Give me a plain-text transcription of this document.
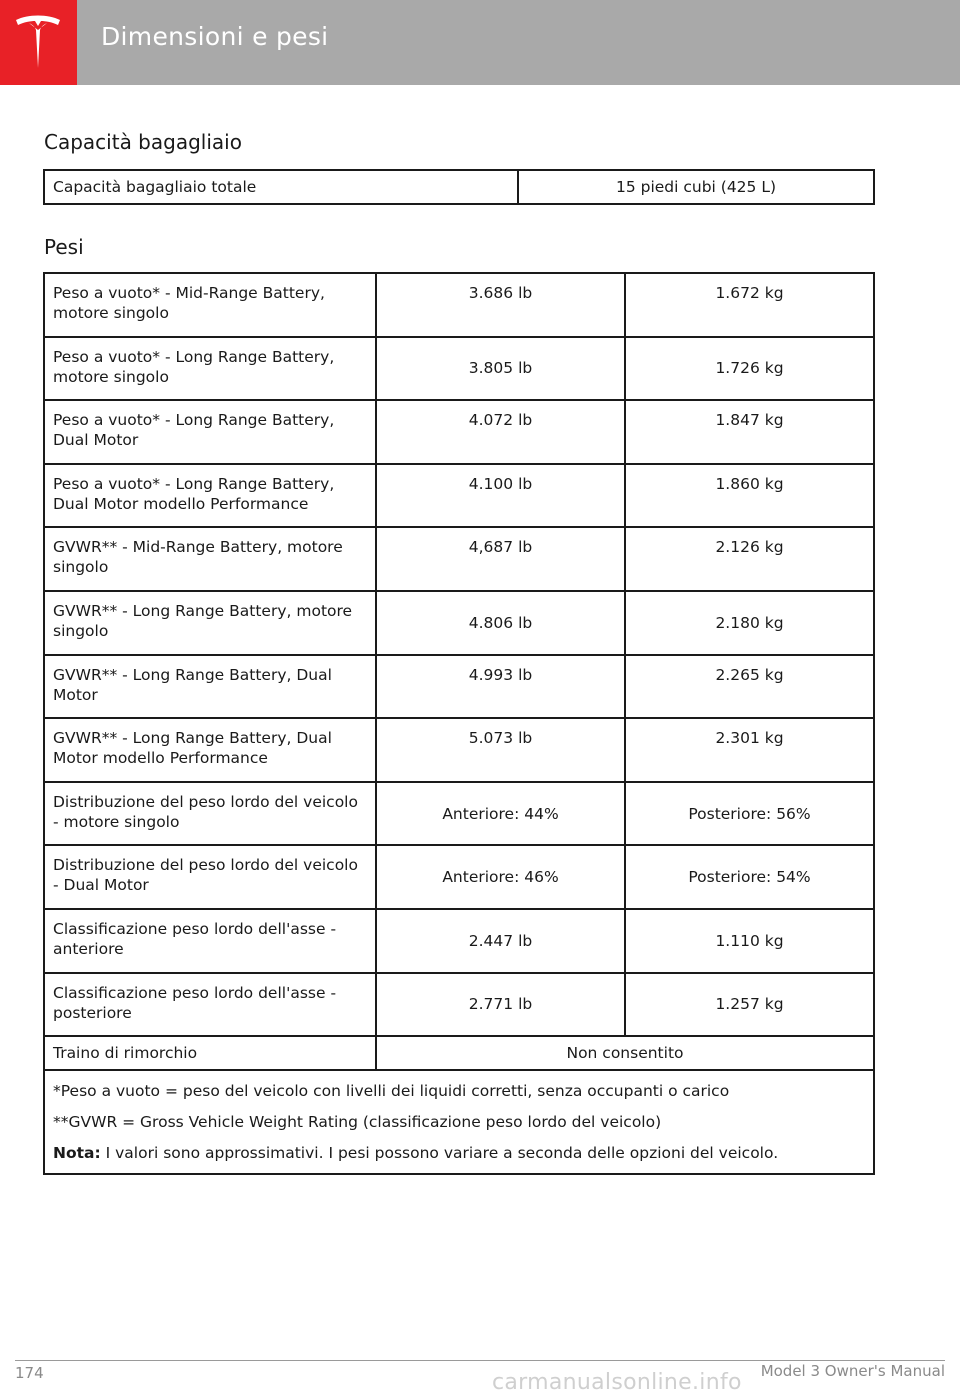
Dimensioni e pesi
Capacità bagagliaio
Capacità bagagliaio totale	15 piedi cubi (425 L)
Pesi
Peso a vuoto* - Mid-Range Battery, motore singolo	3.686 lb	1.672 kg
Peso a vuoto* - Long Range Battery, motore singolo	3.805 lb	1.726 kg
Peso a vuoto* - Long Range Battery, Dual Motor	4.072 lb	1.847 kg
Peso a vuoto* - Long Range Battery, Dual Motor modello Performance	4.100 lb	1.860 kg
GVWR** - Mid-Range Battery, motore singolo	4,687 lb	2.126 kg
GVWR** - Long Range Battery, motore singolo	4.806 lb	2.180 kg
GVWR** - Long Range Battery, Dual Motor	4.993 lb	2.265 kg
GVWR** - Long Range Battery, Dual Motor modello Performance	5.073 lb	2.301 kg
Distribuzione del peso lordo del veicolo - motore singolo	Anteriore: 44%	Posteriore: 56%
Distribuzione del peso lordo del veicolo - Dual Motor	Anteriore: 46%	Posteriore: 54%
Classificazione peso lordo dell'asse - anteriore	2.447 lb	1.110 kg
Classificazione peso lordo dell'asse - posteriore	2.771 lb	1.257 kg
Traino di rimorchio	Non consentito	

*Peso a vuoto = peso del veicolo con livelli dei liquidi corretti, senza occupanti o carico

**GVWR = Gross Vehicle Weight Rating (classificazione peso lordo del veicolo)

Nota: I valori sono approssimativi. I pesi possono variare a seconda delle opzioni del veicolo.		

174	Model 3 Owner's Manual
carmanualsonline.info
